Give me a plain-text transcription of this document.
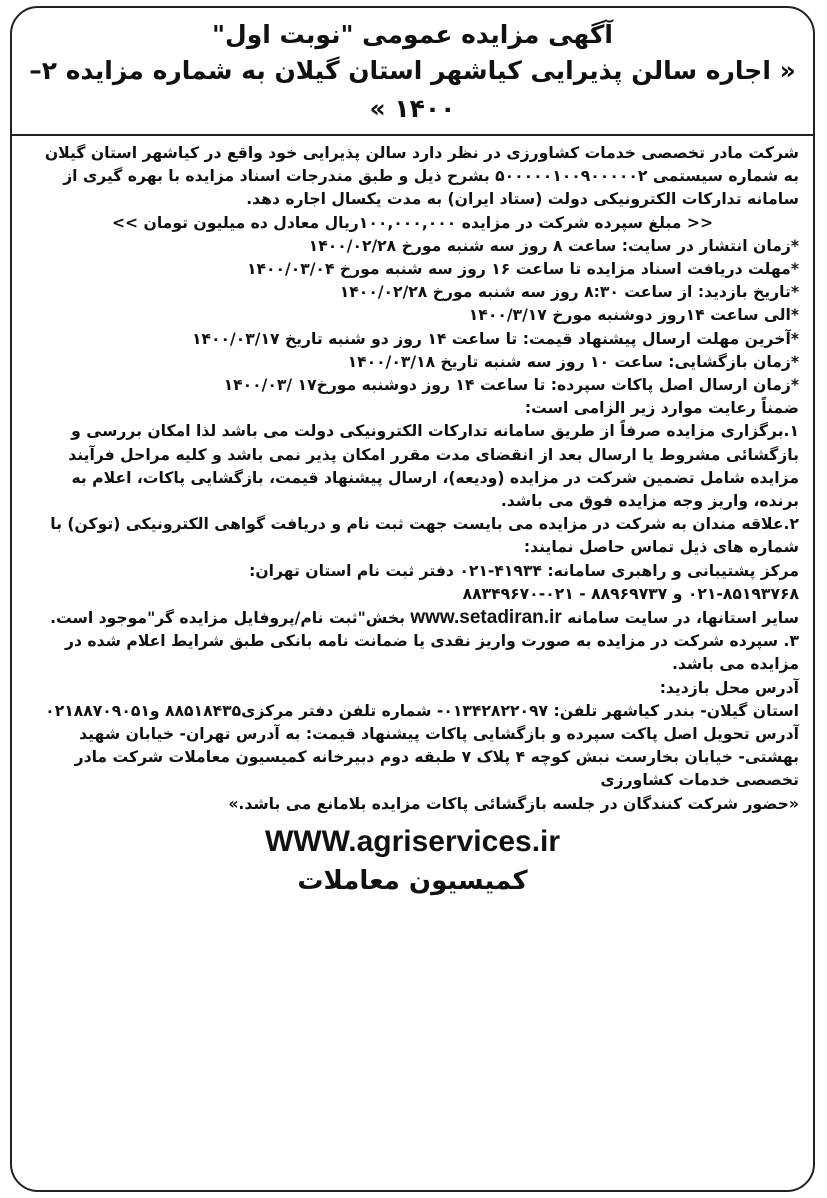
آگهی مزایده عمومی "نوبت اول"
« اجاره سالن پذیرایی کیاشهر استان گیلان به شماره مزایده ۲–۱۴۰۰ »

شرکت مادر تخصصی خدمات کشاورزی در نظر دارد سالن پذیرایی خود واقع در کیاشهر استان گیلان به شماره سیستمی ۵۰۰۰۰۰۱۰۰۹۰۰۰۰۰۲ بشرح ذیل و طبق مندرجات اسناد مزایده با بهره گیری از سامانه تدارکات الکترونیکی دولت (ستاد ایران) به مدت یکسال اجاره دهد.

<< مبلغ سپرده شرکت در مزایده ۱۰۰,۰۰۰,۰۰۰ریال معادل ده میلیون تومان >>

*زمان انتشار در سایت: ساعت ۸ روز سه شنبه مورخ ۱۴۰۰/۰۲/۲۸

*مهلت دریافت اسناد مزایده تا ساعت ۱۶ روز سه شنبه مورخ ۱۴۰۰/۰۳/۰۴

*تاریخ بازدید: از ساعت ۸:۳۰ روز سه شنبه مورخ ۱۴۰۰/۰۲/۲۸

*الی ساعت ۱۴روز دوشنبه مورخ ۱۴۰۰/۳/۱۷

*آخرین مهلت ارسال پیشنهاد قیمت: تا ساعت ۱۴ روز دو شنبه تاریخ ۱۴۰۰/۰۳/۱۷

*زمان بازگشایی: ساعت ۱۰ روز سه شنبه تاریخ ۱۴۰۰/۰۳/۱۸

*زمان ارسال اصل پاکات سپرده: تا ساعت ۱۴ روز دوشنبه مورخ۱۷ /۱۴۰۰/۰۳

ضمناً رعایت موارد زیر الزامی است:

۱.برگزاری مزایده صرفاً از طریق سامانه تدارکات الکترونیکی دولت می باشد لذا امکان بررسی و بازگشائی مشروط یا ارسال بعد از انقضای مدت مقرر امکان پذیر نمی باشد و کلیه مراحل فرآیند مزایده شامل تضمین شرکت در مزایده (ودیعه)، ارسال پیشنهاد قیمت، بازگشایی پاکات، اعلام به برنده، واریز وجه مزایده فوق می باشد.

۲.علاقه مندان به شرکت در مزایده می بایست جهت ثبت نام و دریافت گواهی الکترونیکی (توکن) با

شماره های ذیل تماس حاصل نمایند:

مرکز پشتیبانی و راهبری سامانه: ۴۱۹۳۴-۰۲۱ دفتر ثبت نام استان تهران:

۰۲۱-۸۵۱۹۳۷۶۸ و ۸۸۹۶۹۷۳۷ - ۰۲۱-۸۸۳۴۹۶۷۰

سایر استانها، در سایت سامانه www.setadiran.ir بخش"ثبت نام/پروفایل مزایده گر"موجود است.

۳. سپرده شرکت در مزایده به صورت واریز نقدی یا ضمانت نامه بانکی طبق شرایط اعلام شده در مزایده می باشد.

آدرس محل بازدید:

استان گیلان- بندر کیاشهر تلفن: ۰۱۳۴۲۸۲۲۰۹۷- شماره تلفن دفتر مرکزی۸۸۵۱۸۴۳۵ و۰۲۱۸۸۷۰۹۰۵۱

آدرس تحویل اصل پاکت سپرده و بازگشایی پاکات پیشنهاد قیمت: به آدرس تهران- خیابان شهید بهشتی- خیابان بخارست نبش کوچه ۴ پلاک ۷ طبقه دوم دبیرخانه کمیسیون معاملات شرکت مادر تخصصی خدمات کشاورزی

«حضور شرکت کنندگان در جلسه بازگشائی پاکات مزایده بلامانع می باشد.»

WWW.agriservices.ir
کمیسیون معاملات
